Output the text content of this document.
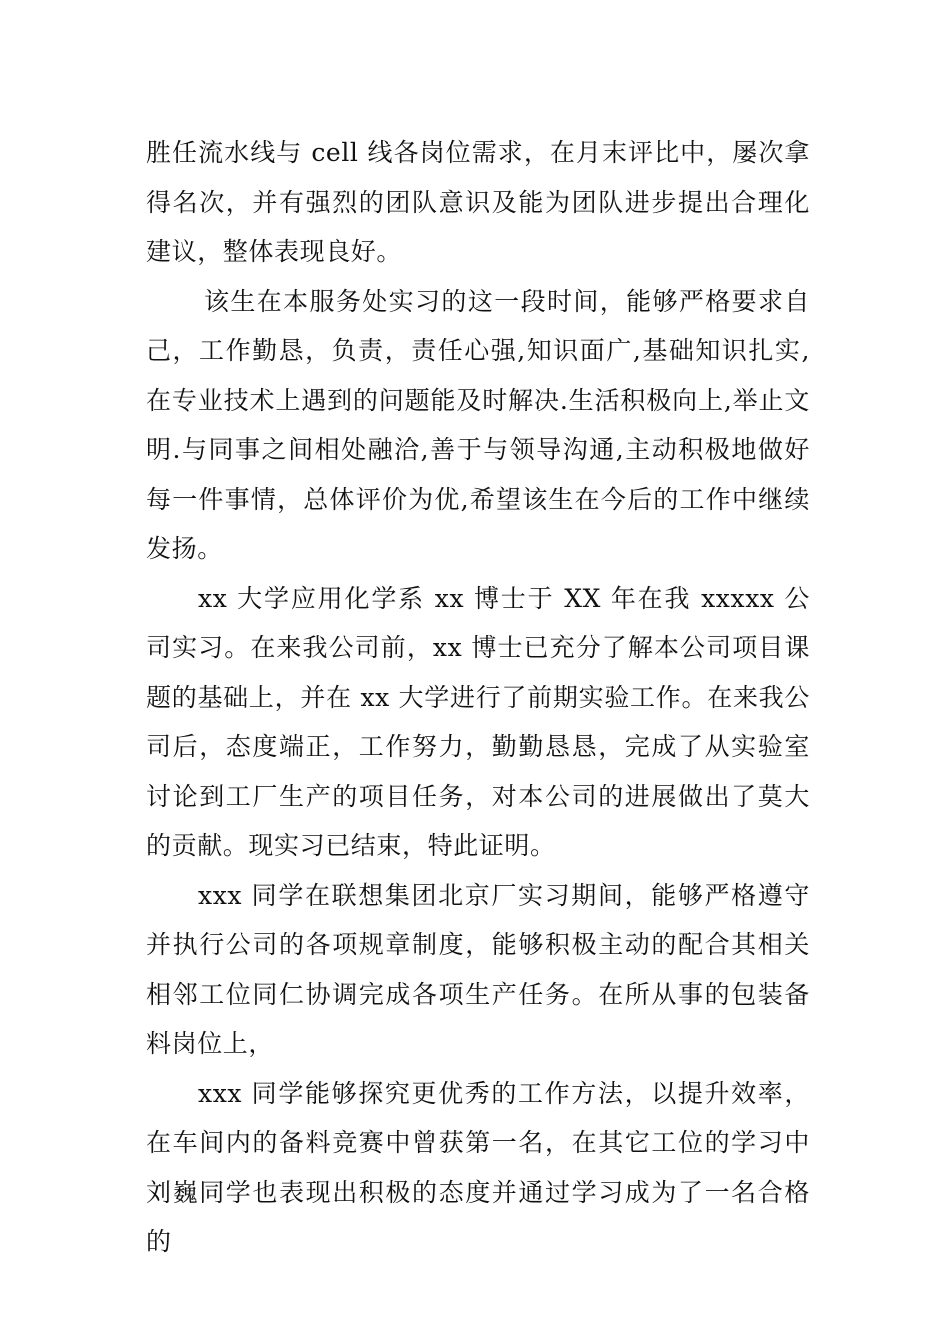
胜任流水线与 cell 线各岗位需求，在月末评比中，屡次拿得名次，并有强烈的团队意识及能为团队进步提出合理化建议，整体表现良好。

该生在本服务处实习的这一段时间，能够严格要求自己，工作勤恳，负责，责任心强,知识面广,基础知识扎实,在专业技术上遇到的问题能及时解决.生活积极向上,举止文明.与同事之间相处融洽,善于与领导沟通,主动积极地做好每一件事情，总体评价为优,希望该生在今后的工作中继续发扬。

xx 大学应用化学系 xx 博士于 XX 年在我 xxxxx 公司实习。在来我公司前，xx 博士已充分了解本公司项目课题的基础上，并在 xx 大学进行了前期实验工作。在来我公司后，态度端正，工作努力，勤勤恳恳，完成了从实验室讨论到工厂生产的项目任务，对本公司的进展做出了莫大的贡献。现实习已结束，特此证明。

xxx 同学在联想集团北京厂实习期间，能够严格遵守并执行公司的各项规章制度，能够积极主动的配合其相关相邻工位同仁协调完成各项生产任务。在所从事的包装备料岗位上，

xxx 同学能够探究更优秀的工作方法，以提升效率，在车间内的备料竞赛中曾获第一名，在其它工位的学习中刘巍同学也表现出积极的态度并通过学习成为了一名合格的
